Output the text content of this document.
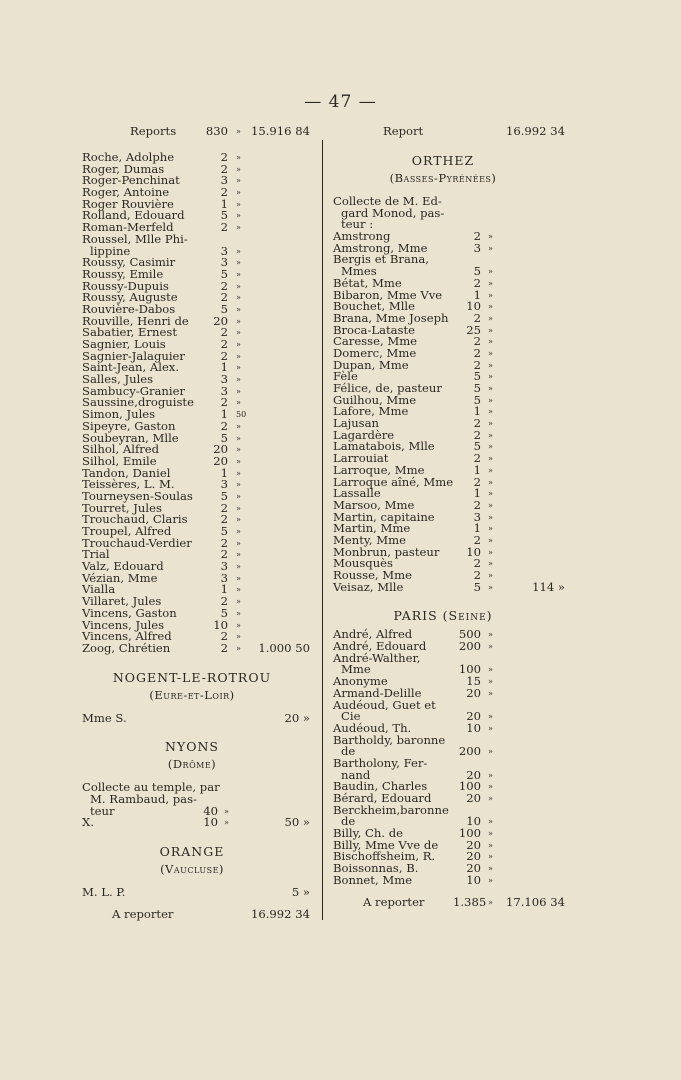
— 47 —
Reports	830 » 15.916 84
Roche, Adolphe	2 »
Roger, Dumas	2 »
Roger-Penchinat	3 »
Roger, Antoine	2 »
Roger Rouvière	1 »
Rolland, Edouard	5 »
Roman-Merfeld	2 »
Roussel, Mlle Phi-
lippine	3 »
Roussy, Casimir	3 »
Roussy, Emile	5 »
Roussy-Dupuis	2 »
Roussy, Auguste	2 »
Rouvière-Dabos	5 »
Rouville, Henri de	20 »
Sabatier, Ernest	2 »
Sagnier, Louis	2 »
Sagnier-Jalaguier	2 »
Saint-Jean, Alex.	1 »
Salles, Jules	3 »
Sambucy-Granier	3 »
Saussine,droguiste	2 »
Simon, Jules	1 50
Sipeyre, Gaston	2 »
Soubeyran, Mlle	5 »
Silhol, Alfred	20 »
Silhol, Emile	20 »
Tandon, Daniel	1 »
Teissères, L. M.	3 »
Tourneysen-Soulas	5 »
Tourret, Jules	2 »
Trouchaud, Claris	2 »
Troupel, Alfred	5 »
Trouchaud-Verdier	2 »
Trial	2 »
Valz, Edouard	3 »
Vézian, Mme	3 »
Vialla	1 »
Villaret, Jules	2 »
Vincens, Gaston	5 »
Vincens, Jules	10 »
Vincens, Alfred	2 »
Zoog, Chrétien	2 »	1.000 50
NOGENT-LE-ROTROU
(Eure-et-Loir)
Mme S.	20 »
NYONS
(Drôme)
Collecte au temple, par
M. Rambaud, pas-
teur	40 »
X.	10 »	50 »
ORANGE
(Vaucluse)
M. L. P.	5 »
A reporter	16.992 34
Report	16.992 34
ORTHEZ
(Basses-Pyrénées)
Collecte de M. Ed-
gard Monod, pas-
teur :
Amstrong	2 »
Amstrong, Mme	3 »
Bergis et Brana,
Mmes	5 »
Bétat, Mme	2 »
Bibaron, Mme Vve	1 »
Bouchet, Mlle	10 »
Brana, Mme Joseph	2 »
Broca-Lataste	25 »
Caresse, Mme	2 »
Domerc, Mme	2 »
Dupan, Mme	2 »
Fèle	5 »
Félice, de, pasteur	5 »
Guilhou, Mme	5 »
Lafore, Mme	1 »
Lajusan	2 »
Lagardère	2 »
Lamatabois, Mlle	5 »
Larrouiat	2 »
Larroque, Mme	1 »
Larroque aîné, Mme	2 »
Lassalle	1 »
Marsoo, Mme	2 »
Martin, capitaine	3 »
Martin, Mme	1 »
Menty, Mme	2 »
Monbrun, pasteur	10 »
Mousquès	2 »
Rousse, Mme	2 »
Veisaz, Mlle	5 »	114 »
PARIS (Seine)
André, Alfred	500 »
André, Edouard	200 »
André-Walther,
Mme	100 »
Anonyme	15 »
Armand-Delille	20 »
Audéoud, Guet et
Cie	20 »
Audéoud, Th.	10 »
Bartholdy, baronne
de	200 »
Bartholony, Fer-
nand	20 »
Baudin, Charles	100 »
Bérard, Edouard	20 »
Berckheim,baronne
de	10 »
Billy, Ch. de	100 »
Billy, Mme Vve de	20 »
Bischoffsheim, R.	20 »
Boissonnas, B.	20 »
Bonnet, Mme	10 »
A reporter 1.385 » 17.106 34
